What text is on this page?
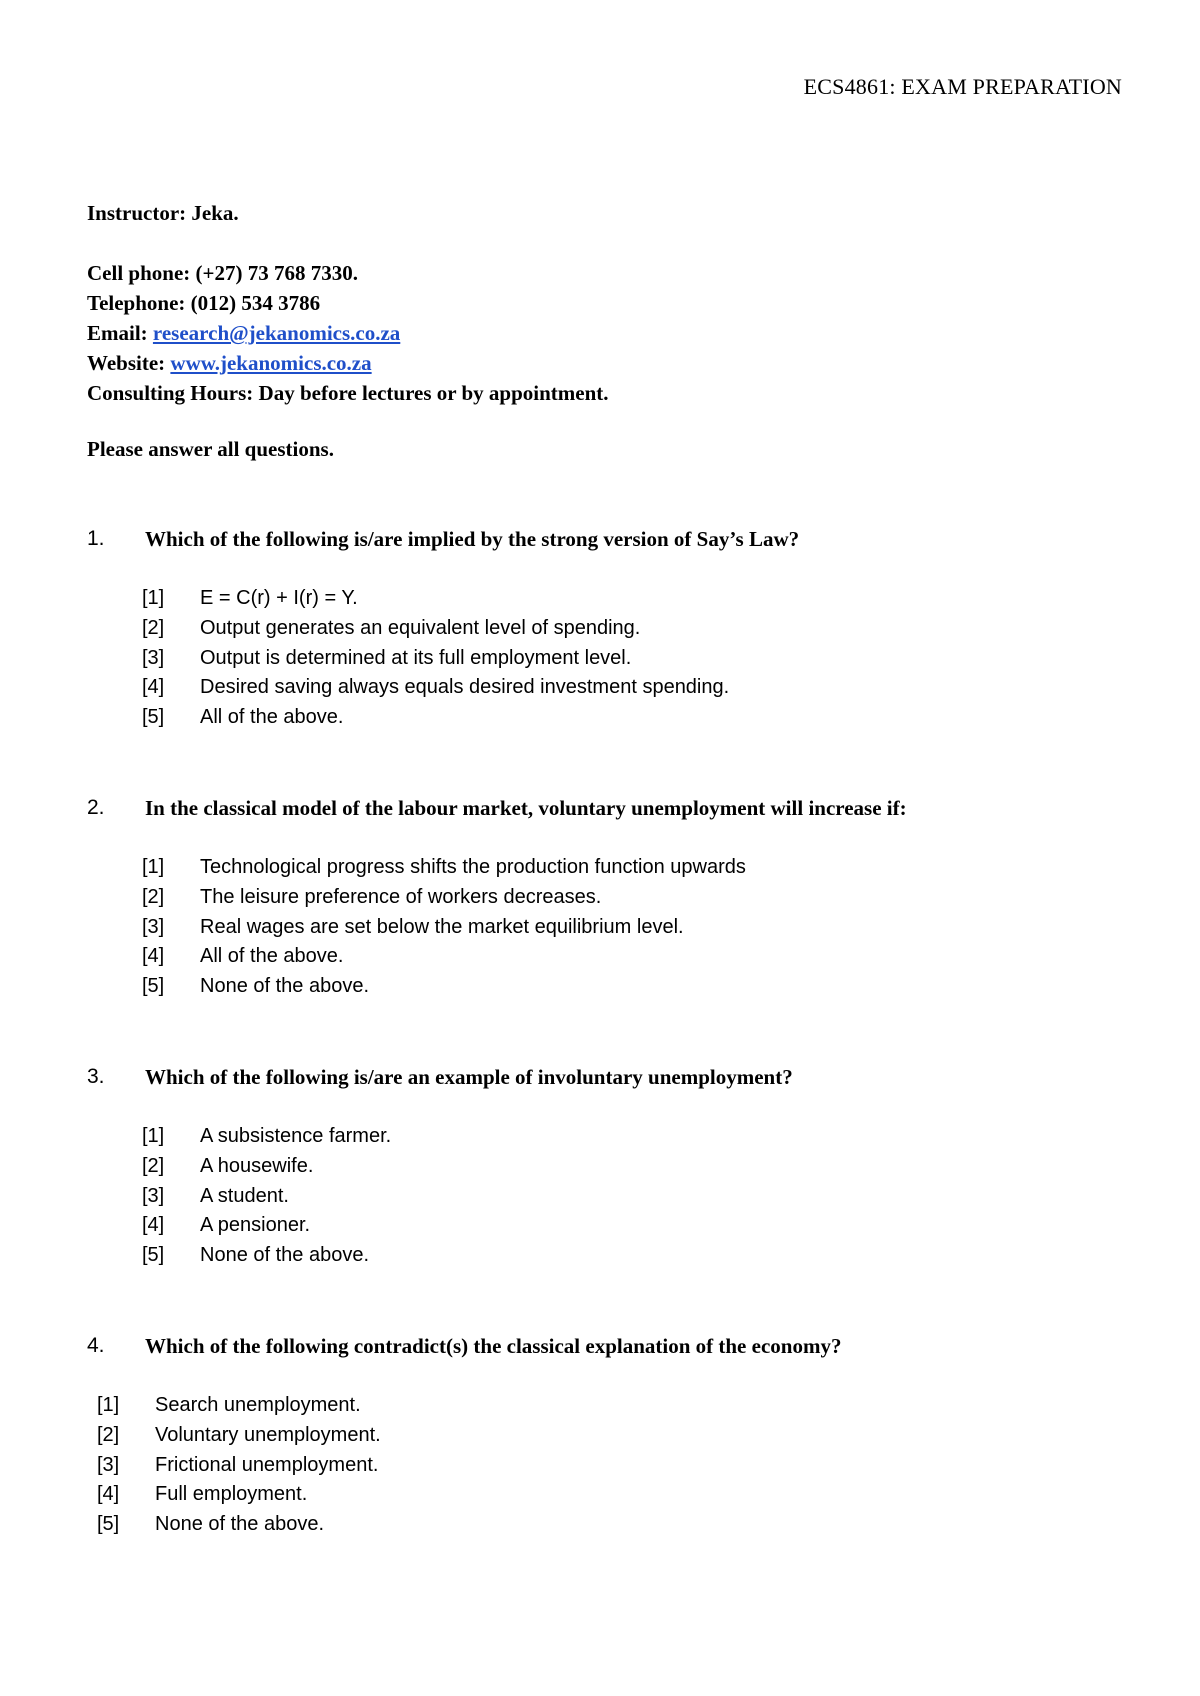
ECS4861: EXAM PREPARATION
Instructor: Jeka.
Cell phone: (+27) 73 768 7330.
Telephone: (012) 534 3786
Email: research@jekanomics.co.za
Website: www.jekanomics.co.za
Consulting Hours: Day before lectures or by appointment.
Please answer all questions.
1. Which of the following is/are implied by the strong version of Say’s Law?
[1] E = C(r) + I(r) = Y.
[2] Output generates an equivalent level of spending.
[3] Output is determined at its full employment level.
[4] Desired saving always equals desired investment spending.
[5] All of the above.
2. In the classical model of the labour market, voluntary unemployment will increase if:
[1] Technological progress shifts the production function upwards
[2] The leisure preference of workers decreases.
[3] Real wages are set below the market equilibrium level.
[4] All of the above.
[5] None of the above.
3. Which of the following is/are an example of involuntary unemployment?
[1] A subsistence farmer.
[2] A housewife.
[3] A student.
[4] A pensioner.
[5] None of the above.
4. Which of the following contradict(s) the classical explanation of the economy?
[1] Search unemployment.
[2] Voluntary unemployment.
[3] Frictional unemployment.
[4] Full employment.
[5] None of the above.
